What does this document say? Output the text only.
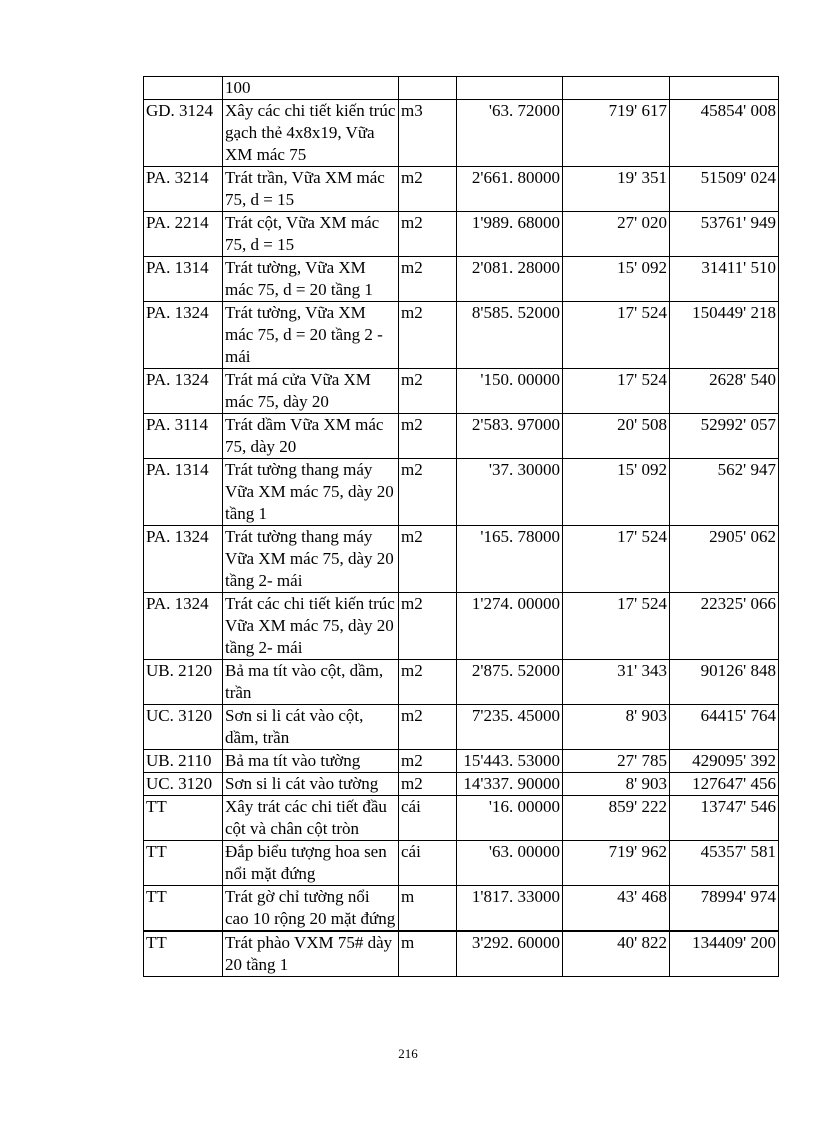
	100				
GD. 3124	Xây các chi tiết kiến trúc gạch thẻ 4x8x19, Vữa XM mác 75	m3	'63. 72000	719' 617	45854' 008
PA. 3214	Trát trần, Vữa XM mác 75, d = 15	m2	2'661. 80000	19' 351	51509' 024
PA. 2214	Trát cột, Vữa XM mác 75, d = 15	m2	1'989. 68000	27' 020	53761' 949
PA. 1314	Trát tường, Vữa XM mác 75, d = 20 tầng 1	m2	2'081. 28000	15' 092	31411' 510
PA. 1324	Trát tường, Vữa XM mác 75, d = 20 tầng 2 - mái	m2	8'585. 52000	17' 524	150449' 218
PA. 1324	Trát má cửa Vữa XM mác 75, dày 20	m2	'150. 00000	17' 524	2628' 540
PA. 3114	Trát dầm Vữa XM mác 75, dày 20	m2	2'583. 97000	20' 508	52992' 057
PA. 1314	Trát tường thang máy Vữa XM mác 75, dày 20 tầng 1	m2	'37. 30000	15' 092	562' 947
PA. 1324	Trát tường thang máy Vữa XM mác 75, dày 20 tầng 2- mái	m2	'165. 78000	17' 524	2905' 062
PA. 1324	Trát các chi tiết kiến trúc Vữa XM mác 75, dày 20 tầng 2- mái	m2	1'274. 00000	17' 524	22325' 066
UB. 2120	Bả ma tít vào cột, dầm, trần	m2	2'875. 52000	31' 343	90126' 848
UC. 3120	Sơn si li cát vào cột, dầm, trần	m2	7'235. 45000	8' 903	64415' 764
UB. 2110	Bả ma tít vào tường	m2	15'443. 53000	27' 785	429095' 392
UC. 3120	Sơn si li cát vào tường	m2	14'337. 90000	8' 903	127647' 456
TT	Xây trát các chi tiết đầu cột và chân cột tròn	cái	'16. 00000	859' 222	13747' 546
TT	Đắp biểu tượng hoa sen nổi mặt đứng	cái	'63. 00000	719' 962	45357' 581
TT	Trát gờ chỉ tường nổi cao 10 rộng 20 mặt đứng	m	1'817. 33000	43' 468	78994' 974
TT	Trát phào VXM 75# dày 20 tầng 1	m	3'292. 60000	40' 822	134409' 200
216
